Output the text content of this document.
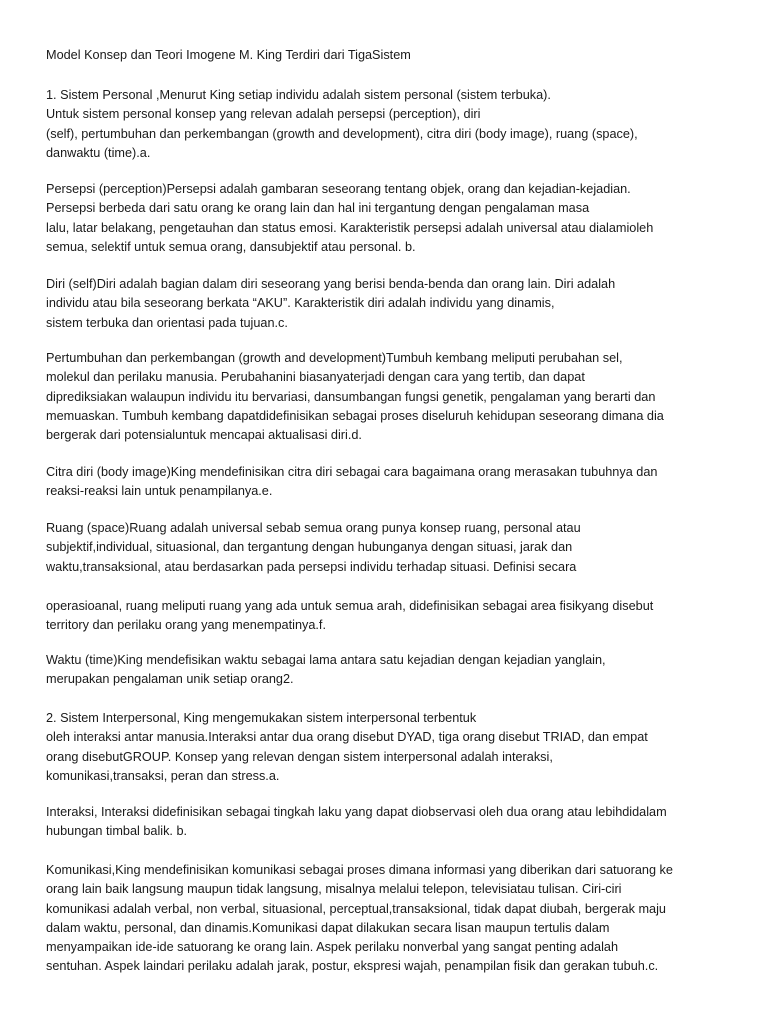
Model Konsep dan Teori Imogene M. King Terdiri dari TigaSistem

1. Sistem Personal ,Menurut King setiap individu adalah sistem personal (sistem terbuka).
Untuk sistem personal konsep yang relevan adalah persepsi (perception), diri
(self), pertumbuhan dan perkembangan (growth and development), citra diri (body image), ruang (space),
danwaktu (time).a.
Persepsi (perception)Persepsi adalah gambaran seseorang tentang objek, orang dan kejadian-kejadian.
Persepsi berbeda dari satu orang ke orang lain dan hal ini tergantung dengan pengalaman masa
lalu, latar belakang, pengetauhan dan status emosi. Karakteristik persepsi adalah universal atau dialamioleh
semua, selektif untuk semua orang, dansubjektif atau personal. b.
Diri (self)Diri adalah bagian dalam diri seseorang yang berisi benda-benda dan orang lain. Diri adalah
individu atau bila seseorang berkata “AKU”. Karakteristik diri adalah individu yang dinamis,
sistem terbuka dan orientasi pada tujuan.c.
Pertumbuhan dan perkembangan (growth and development)Tumbuh kembang meliputi perubahan sel,
molekul dan perilaku manusia. Perubahanini biasanyaterjadi dengan cara yang tertib, dan dapat
diprediksiakan walaupun individu itu bervariasi, dansumbangan fungsi genetik, pengalaman yang berarti dan
memuaskan. Tumbuh kembang dapatdidefinisikan sebagai proses diseluruh kehidupan seseorang dimana dia
bergerak dari potensialuntuk mencapai aktualisasi diri.d.
Citra diri (body image)King mendefinisikan citra diri sebagai cara bagaimana orang merasakan tubuhnya dan
reaksi-reaksi lain untuk penampilanya.e.
Ruang (space)Ruang adalah universal sebab semua orang punya konsep ruang, personal atau
subjektif,individual, situasional, dan tergantung dengan hubunganya dengan situasi, jarak dan
waktu,transaksional, atau berdasarkan pada persepsi individu terhadap situasi. Definisi secara
operasioanal, ruang meliputi ruang yang ada untuk semua arah, didefinisikan sebagai area fisikyang disebut
territory dan perilaku orang yang menempatinya.f.
Waktu (time)King mendefisikan waktu sebagai lama antara satu kejadian dengan kejadian yanglain,
merupakan pengalaman unik setiap orang2.
2. Sistem Interpersonal, King mengemukakan sistem interpersonal terbentuk
oleh interaksi antar manusia.Interaksi antar dua orang disebut DYAD, tiga orang disebut TRIAD, dan empat
orang disebutGROUP. Konsep yang relevan dengan sistem interpersonal adalah interaksi,
komunikasi,transaksi, peran dan stress.a.
Interaksi, Interaksi didefinisikan sebagai tingkah laku yang dapat diobservasi oleh dua orang atau lebihdidalam
hubungan timbal balik. b.
Komunikasi,King mendefinisikan komunikasi sebagai proses dimana informasi yang diberikan dari satuorang ke
orang lain baik langsung maupun tidak langsung, misalnya melalui telepon, televisiatau tulisan. Ciri-ciri
komunikasi adalah verbal, non verbal, situasional, perceptual,transaksional, tidak dapat diubah, bergerak maju
dalam waktu, personal, dan dinamis.Komunikasi dapat dilakukan secara lisan maupun tertulis dalam
menyampaikan ide-ide satuorang ke orang lain. Aspek perilaku nonverbal yang sangat penting adalah
sentuhan. Aspek laindari perilaku adalah jarak, postur, ekspresi wajah, penampilan fisik dan gerakan tubuh.c.
